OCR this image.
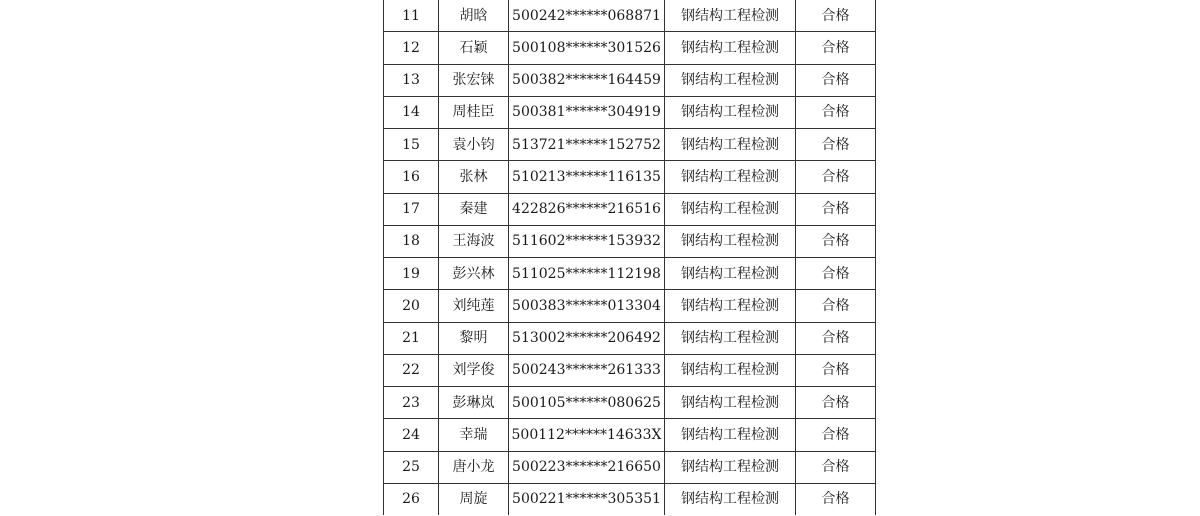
11	胡晗	500242******068871	钢结构工程检测	合格
12	石颖	500108******301526	钢结构工程检测	合格
13	张宏铼	500382******164459	钢结构工程检测	合格
14	周桂臣	500381******304919	钢结构工程检测	合格
15	袁小钧	513721******152752	钢结构工程检测	合格
16	张林	510213******116135	钢结构工程检测	合格
17	秦建	422826******216516	钢结构工程检测	合格
18	王海波	511602******153932	钢结构工程检测	合格
19	彭兴林	511025******112198	钢结构工程检测	合格
20	刘纯莲	500383******013304	钢结构工程检测	合格
21	黎明	513002******206492	钢结构工程检测	合格
22	刘学俊	500243******261333	钢结构工程检测	合格
23	彭琳岚	500105******080625	钢结构工程检测	合格
24	幸瑞	500112******14633X	钢结构工程检测	合格
25	唐小龙	500223******216650	钢结构工程检测	合格
26	周旋	500221******305351	钢结构工程检测	合格
